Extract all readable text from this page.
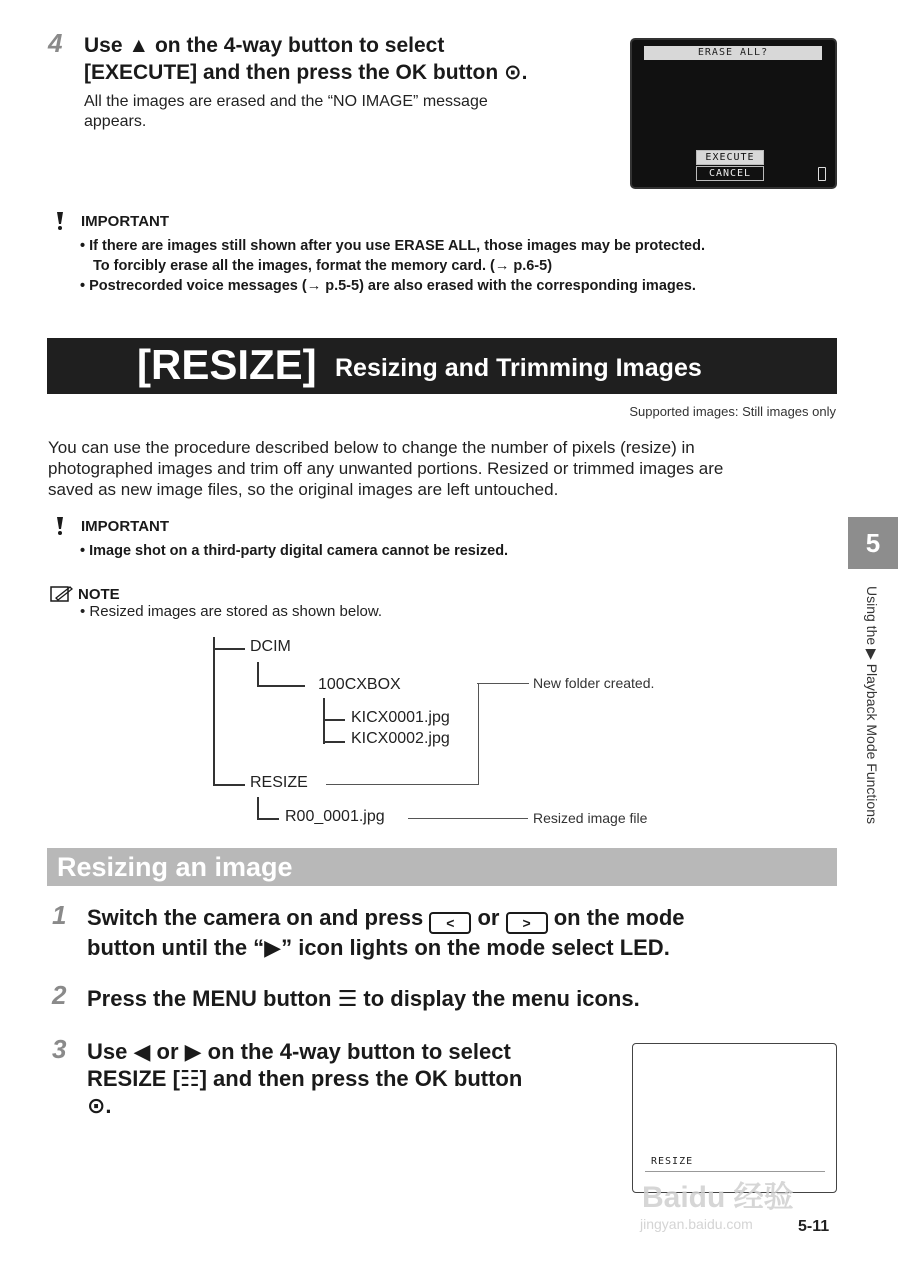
4 Use ▲ on the 4-way button to select
[EXECUTE] and then press the OK button ⊙.
All the images are erased and the “NO IMAGE” message
appears.
ERASE ALL?
EXECUTE
CANCEL
IMPORTANT
• If there are images still shown after you use ERASE ALL, those images may be protected.
To forcibly erase all the images, format the memory card. (→ p.6-5)
• Postrecorded voice messages (→ p.5-5) are also erased with the corresponding images.
[RESIZE] Resizing and Trimming Images
Supported images: Still images only
You can use the procedure described below to change the number of pixels (resize) in
photographed images and trim off any unwanted portions. Resized or trimmed images are
saved as new image files, so the original images are left untouched.
IMPORTANT
• Image shot on a third-party digital camera cannot be resized.
NOTE
• Resized images are stored as shown below.
DCIM
100CXBOX
KICX0001.jpg
KICX0002.jpg
RESIZE
R00_0001.jpg
New folder created.
Resized image file
Resizing an image
5
Using the ▶ Playback Mode Functions
1 Switch the camera on and press < or > on the mode
button until the “▶” icon lights on the mode select LED.
2 Press the MENU button ☰ to display the menu icons.
3 Use ◀ or ▶ on the 4-way button to select
RESIZE [☷] and then press the OK button
⊙.
RESIZE
5-11
Baidu 经验
jingyan.baidu.com
